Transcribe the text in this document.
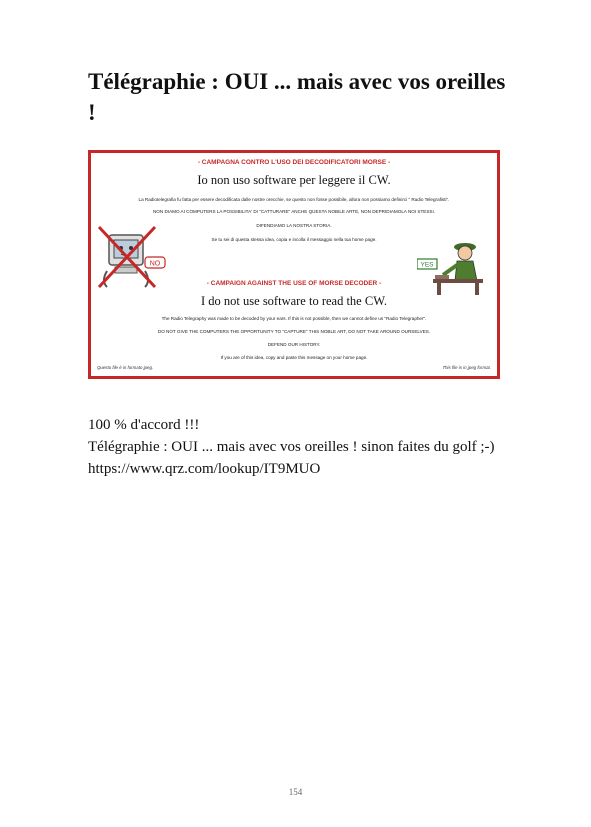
Télégraphie : OUI ... mais avec vos oreilles !

- CAMPAGNA CONTRO L'USO DEI DECODIFICATORI MORSE -

Io non uso software per leggere il CW.

La Radiotelegrafia fu fatta per essere decodificata dalle nostre orecchie, se questo non fosse possibile, allora non possiamo definirci " Radio Telegrafisti".

NON DIAMO AI COMPUTERS LA POSSIBILITA' DI "CATTURARE" ANCHE QUESTA NOBILE ARTE, NON DEPRIDIAMOLA NOI STESSI.

DIFENDIAMO LA NOSTRA STORIA.

Se tu sei di questa stessa idea, copia e incolla il messaggio nella tua home page.

NO	YES

- CAMPAIGN AGAINST THE USE OF MORSE DECODER -

I do not use software to read the CW.

The Radio Telegraphy was made to be decoded by your ears. If this is not possible, then we cannot define us "Radio Telegrapher".

DO NOT GIVE THE COMPUTERS THE OPPORTUNITY TO "CAPTURE" THIS NOBLE ART, DO NOT TAKE AROUND OURSELVES.

DEFEND OUR HISTORY.

If you are of this idea, copy and paste this message on your home page.

Questo file è in formato jpeg.	This file is in jpeg format.

100 % d'accord !!!

Télégraphie : OUI ... mais avec vos oreilles ! sinon faites du golf ;-)

https://www.qrz.com/lookup/IT9MUO

154
